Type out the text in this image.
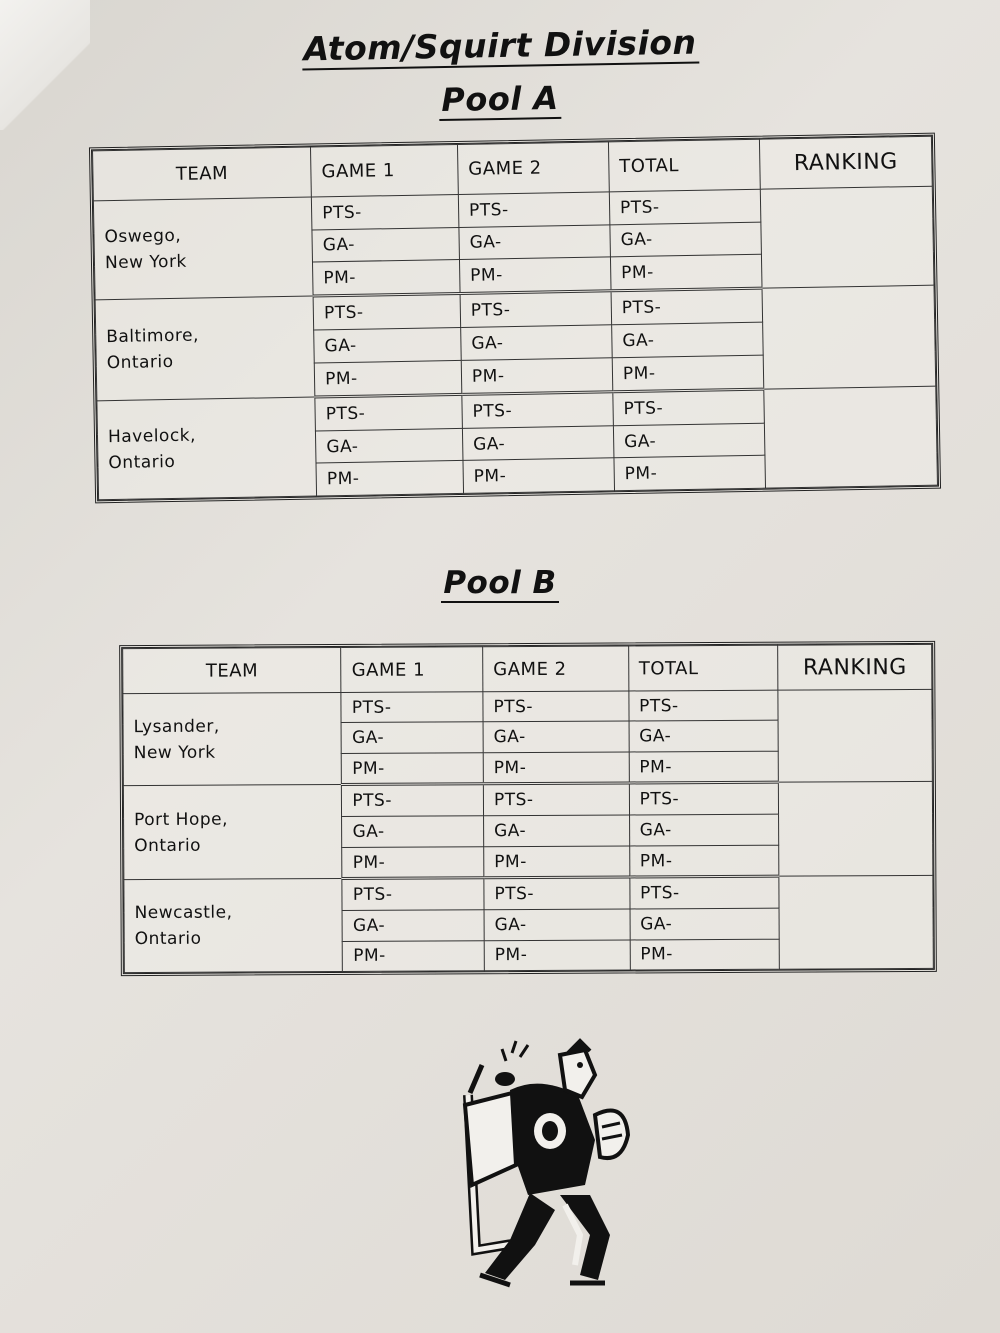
Atom/Squirt Division
Pool A
TEAM	GAME 1	GAME 2	TOTAL	RANKING

Oswego,
New York	PTS-	PTS-	PTS-	
	GA-	GA-	GA-	
	PM-	PM-	PM-	

Baltimore,
Ontario	PTS-	PTS-	PTS-	
	GA-	GA-	GA-	
	PM-	PM-	PM-	

Havelock,
Ontario	PTS-	PTS-	PTS-	
	GA-	GA-	GA-	
	PM-	PM-	PM-	
Pool B
TEAM	GAME 1	GAME 2	TOTAL	RANKING

Lysander,
New York	PTS-	PTS-	PTS-	
	GA-	GA-	GA-	
	PM-	PM-	PM-	

Port Hope,
Ontario	PTS-	PTS-	PTS-	
	GA-	GA-	GA-	
	PM-	PM-	PM-	

Newcastle,
Ontario	PTS-	PTS-	PTS-	
	GA-	GA-	GA-	
	PM-	PM-	PM-	
